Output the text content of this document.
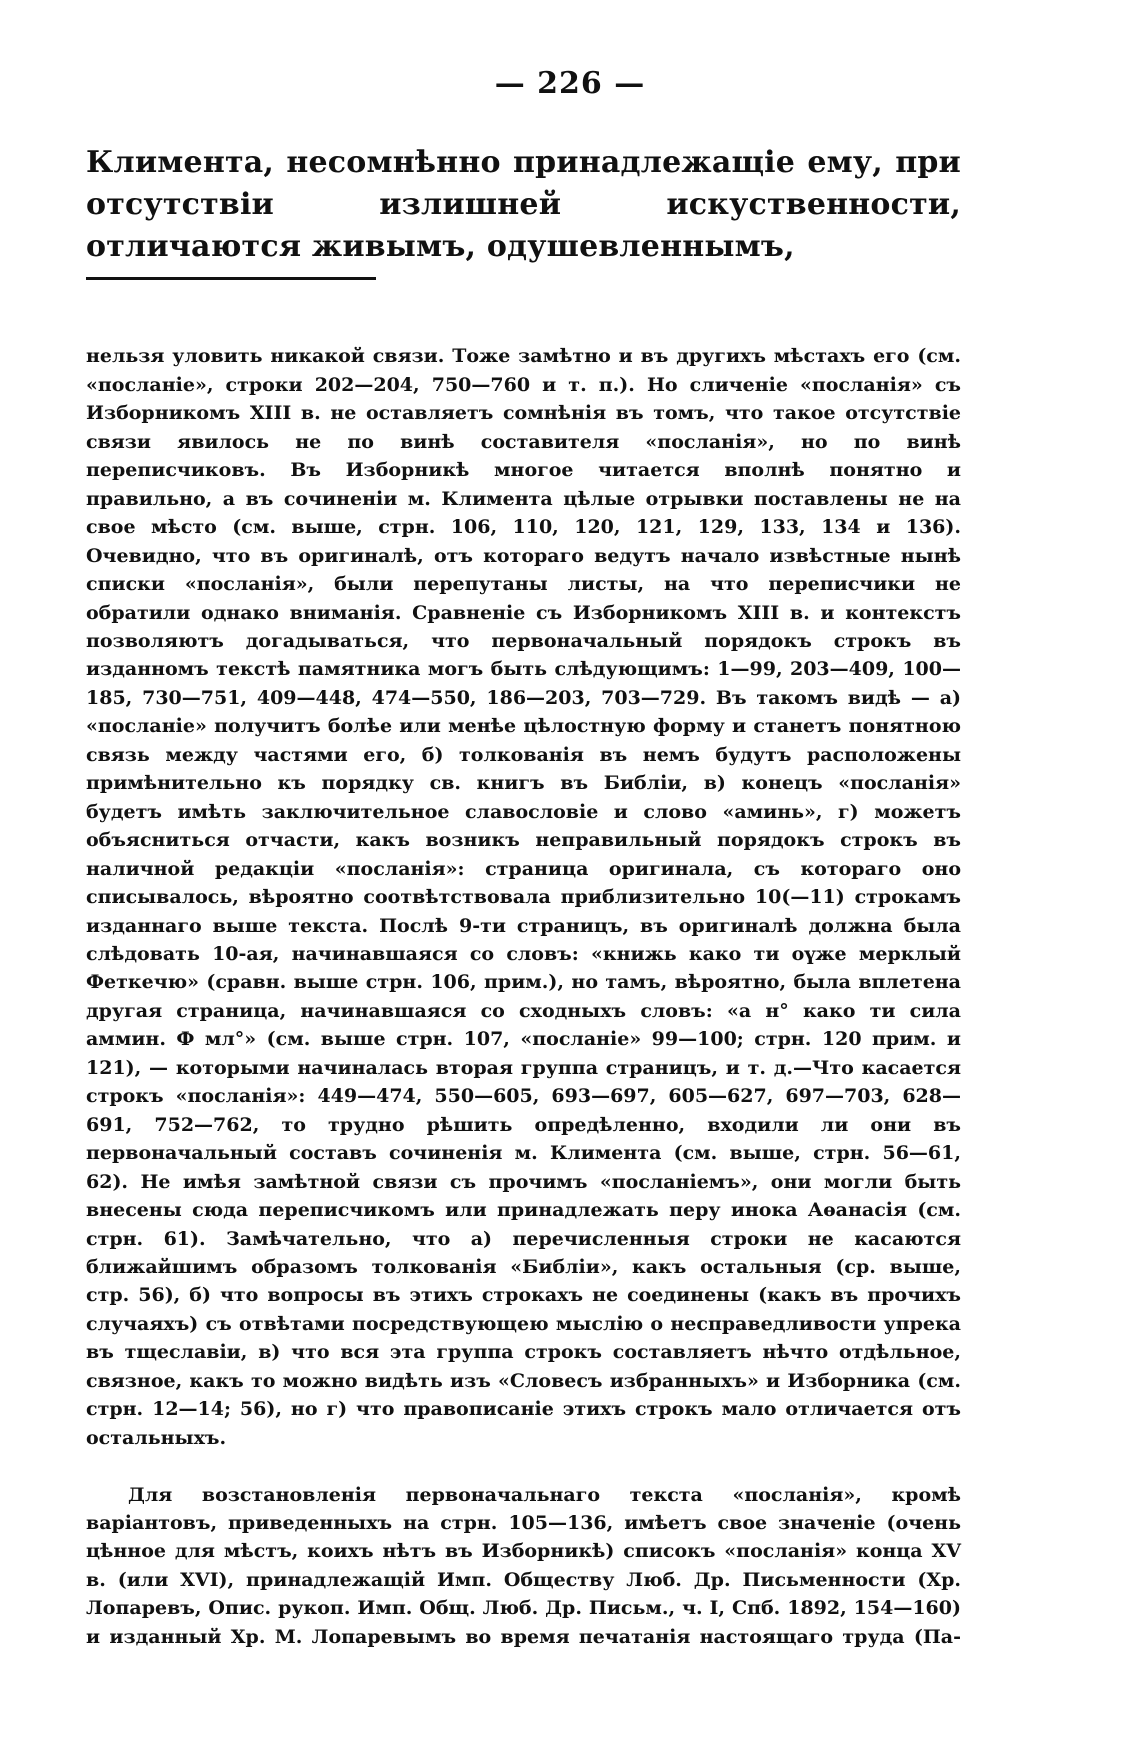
— 226 —

Климента, несомнѣнно принадлежащіе ему, при отсутствіи излишней искуственности, отличаются живымъ, одушевленнымъ,

нельзя уловить никакой связи. Тоже замѣтно и въ другихъ мѣстахъ его (см. «посланіе», строки 202—204, 750—760 и т. п.). Но сличеніе «посланія» съ Изборникомъ XIII в. не оставляетъ сомнѣнія въ томъ, что такое отсутствіе связи явилось не по винѣ составителя «посланія», но по винѣ переписчиковъ. Въ Изборникѣ многое читается вполнѣ понятно и правильно, а въ сочиненіи м. Климента цѣлые отрывки поставлены не на свое мѣсто (см. выше, стрн. 106, 110, 120, 121, 129, 133, 134 и 136). Очевидно, что въ оригиналѣ, отъ котораго ведутъ начало извѣстные нынѣ списки «посланія», были перепутаны листы, на что переписчики не обратили однако вниманія. Сравненіе съ Изборникомъ XIII в. и контекстъ позволяютъ догадываться, что первоначальный порядокъ строкъ въ изданномъ текстѣ памятника могъ быть слѣдующимъ: 1—99, 203—409, 100—185, 730—751, 409—448, 474—550, 186—203, 703—729. Въ такомъ видѣ — а) «посланіе» получитъ болѣе или менѣе цѣлостную форму и станетъ понятною связь между частями его, б) толкованія въ немъ будутъ расположены примѣнительно къ порядку св. книгъ въ Библіи, в) конецъ «посланія» будетъ имѣть заключительное славословіе и слово «аминь», г) можетъ объясниться отчасти, какъ возникъ неправильный порядокъ строкъ въ наличной редакціи «посланія»: страница оригинала, съ котораго оно списывалось, вѣроятно соотвѣтствовала приблизительно 10(—11) строкамъ изданнаго выше текста. Послѣ 9-ти страницъ, въ оригиналѣ должна была слѣдовать 10-ая, начинавшаяся со словъ: «книжь како ти оүже мерклый Феткечю» (сравн. выше стрн. 106, прим.), но тамъ, вѣроятно, была вплетена другая страница, начинавшаяся со сходныхъ словъ: «а н° како ти сила аммин. Ф мл°» (см. выше стрн. 107, «посланіе» 99—100; стрн. 120 прим. и 121), — которыми начиналась вторая группа страницъ, и т. д.—Что касается строкъ «посланія»: 449—474, 550—605, 693—697, 605—627, 697—703, 628—691, 752—762, то трудно рѣшить опредѣленно, входили ли они въ первоначальный составъ сочиненія м. Климента (см. выше, стрн. 56—61, 62). Не имѣя замѣтной связи съ прочимъ «посланіемъ», они могли быть внесены сюда переписчикомъ или принадлежать перу инока Аѳанасія (см. стрн. 61). Замѣчательно, что а) перечисленныя строки не касаются ближайшимъ образомъ толкованія «Библіи», какъ остальныя (ср. выше, стр. 56), б) что вопросы въ этихъ строкахъ не соединены (какъ въ прочихъ случаяхъ) съ отвѣтами посредствующею мыслію о несправедливости упрека въ тщеславіи, в) что вся эта группа строкъ составляетъ нѣчто отдѣльное, связное, какъ то можно видѣть изъ «Словесъ избранныхъ» и Изборника (см. стрн. 12—14; 56), но г) что правописаніе этихъ строкъ мало отличается отъ остальныхъ.

Для возстановленія первоначальнаго текста «посланія», кромѣ варіантовъ, приведенныхъ на стрн. 105—136, имѣетъ свое значеніе (очень цѣнное для мѣстъ, коихъ нѣтъ въ Изборникѣ) списокъ «посланія» конца XV в. (или XVI), принадлежащій Имп. Обществу Люб. Др. Письменности (Хр. Лопаревъ, Опис. рукоп. Имп. Общ. Люб. Др. Письм., ч. I, Спб. 1892, 154—160) и изданный Хр. М. Лопаревымъ во время печатанія настоящаго труда (Па-
